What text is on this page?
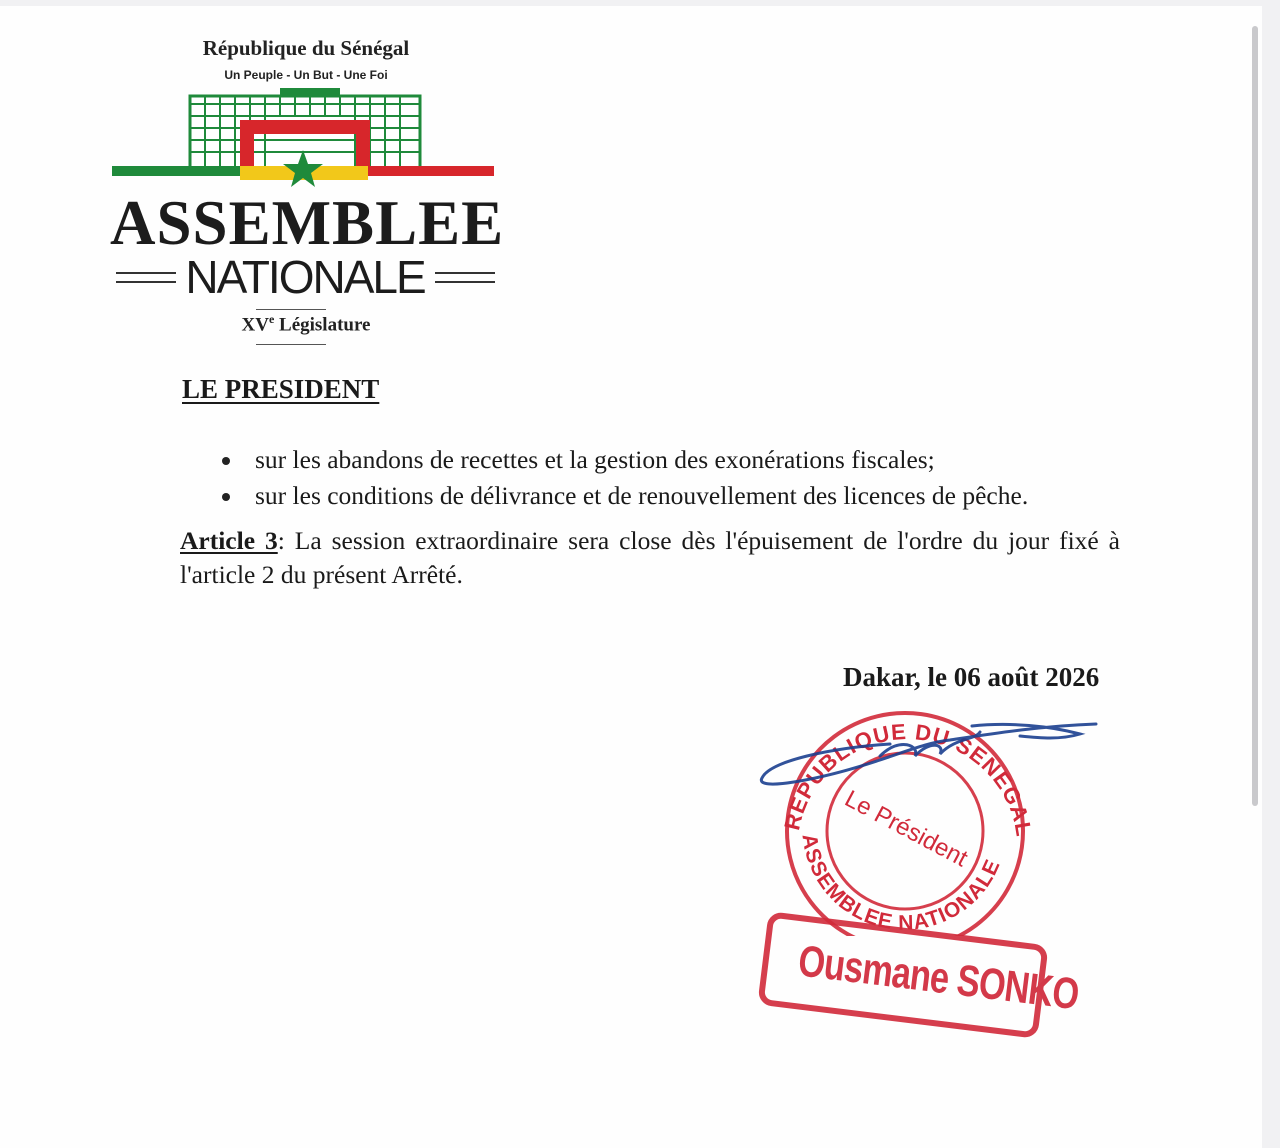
République du Sénégal
Un Peuple - Un But - Une Foi
ASSEMBLEE
NATIONALE
XVe Législature
LE PRESIDENT
sur les abandons de recettes et la gestion des exonérations fiscales;
sur les conditions de délivrance et de renouvellement des licences de pêche.
Article 3: La session extraordinaire sera close dès l'épuisement de l'ordre du jour fixé à l'article 2 du présent Arrêté.
Dakar, le 06 août 2026
REPUBLIQUE DU SENEGAL
ASSEMBLEE NATIONALE
Le Président
Ousmane SONKO
